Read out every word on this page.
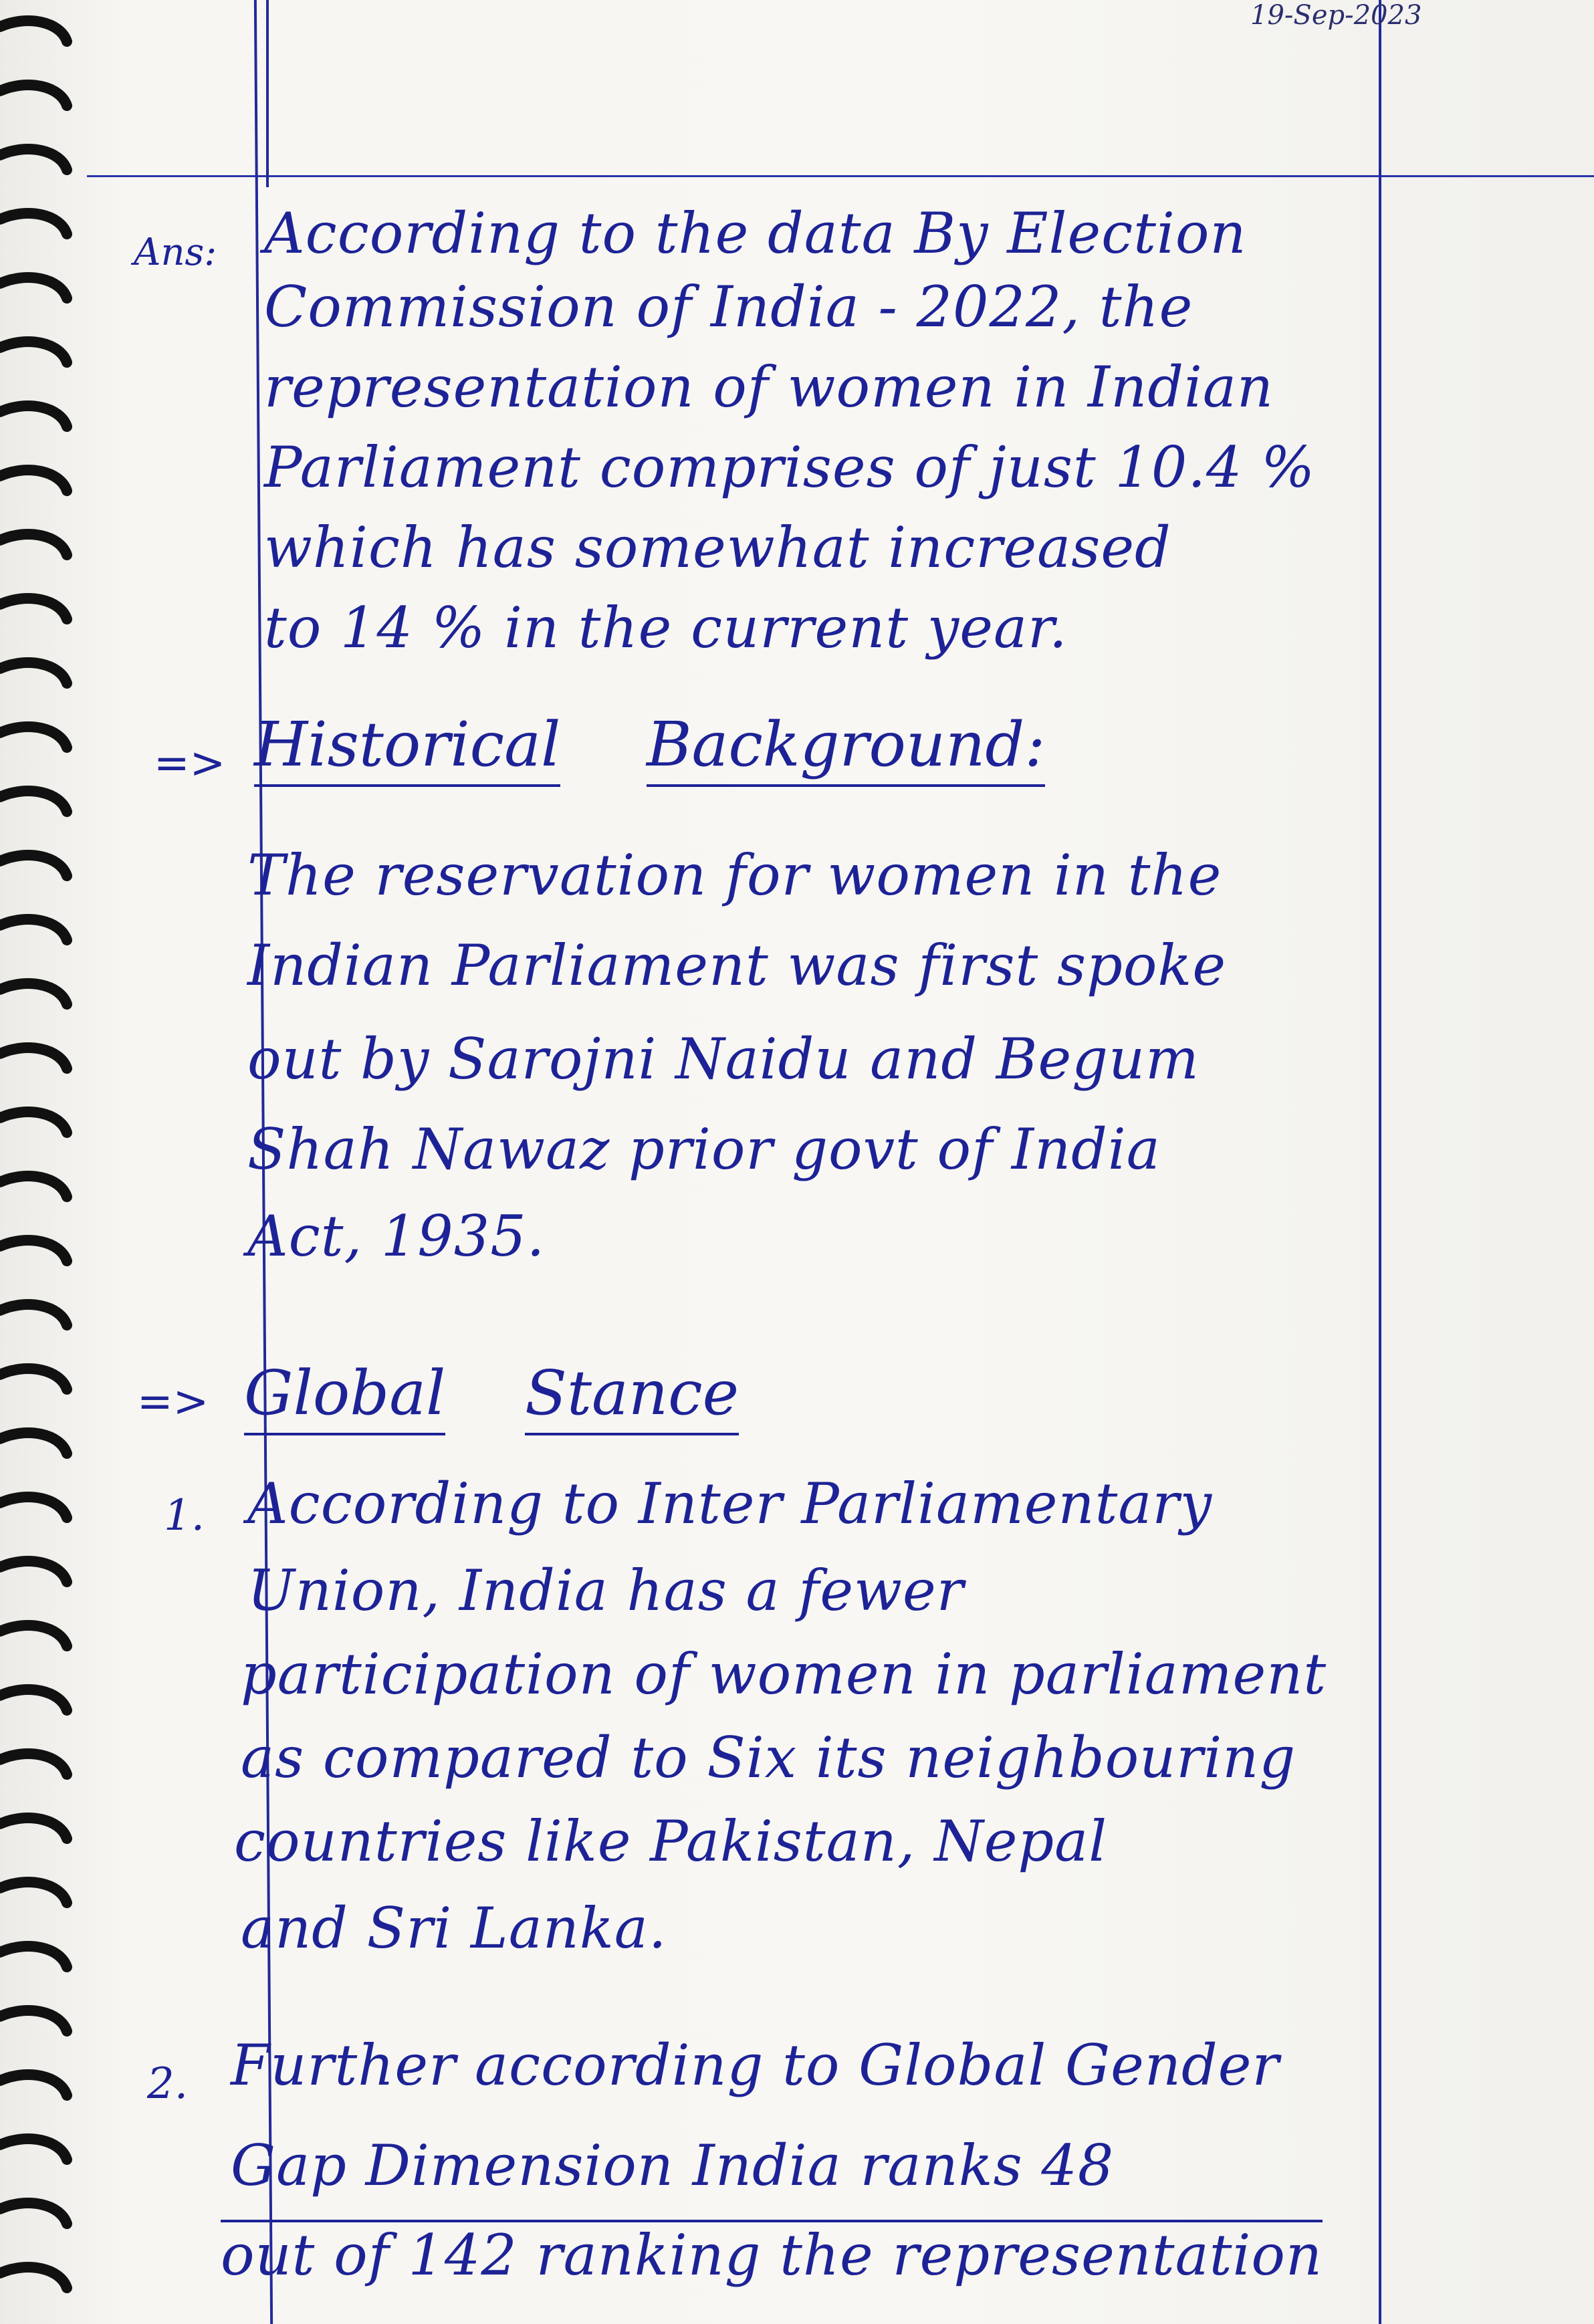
19-Sep-2023
Ans: According to the data By Election
Commission of India - 2022, the
representation of women in Indian
Parliament comprises of just 10.4 %
which has somewhat increased
to 14 % in the current year.
=> Historical Background:
The reservation for women in the
Indian Parliament was first spoke
out by Sarojni Naidu and Begum
Shah Nawaz prior govt of India
Act, 1935.
=> Global Stance
1. According to Inter Parliamentary
Union, India has a fewer
participation of women in parliament
as compared to Six its neighbouring
countries like Pakistan, Nepal
and Sri Lanka.
2. Further according to Global Gender
Gap Dimension India ranks 48
out of 142 ranking the representation
